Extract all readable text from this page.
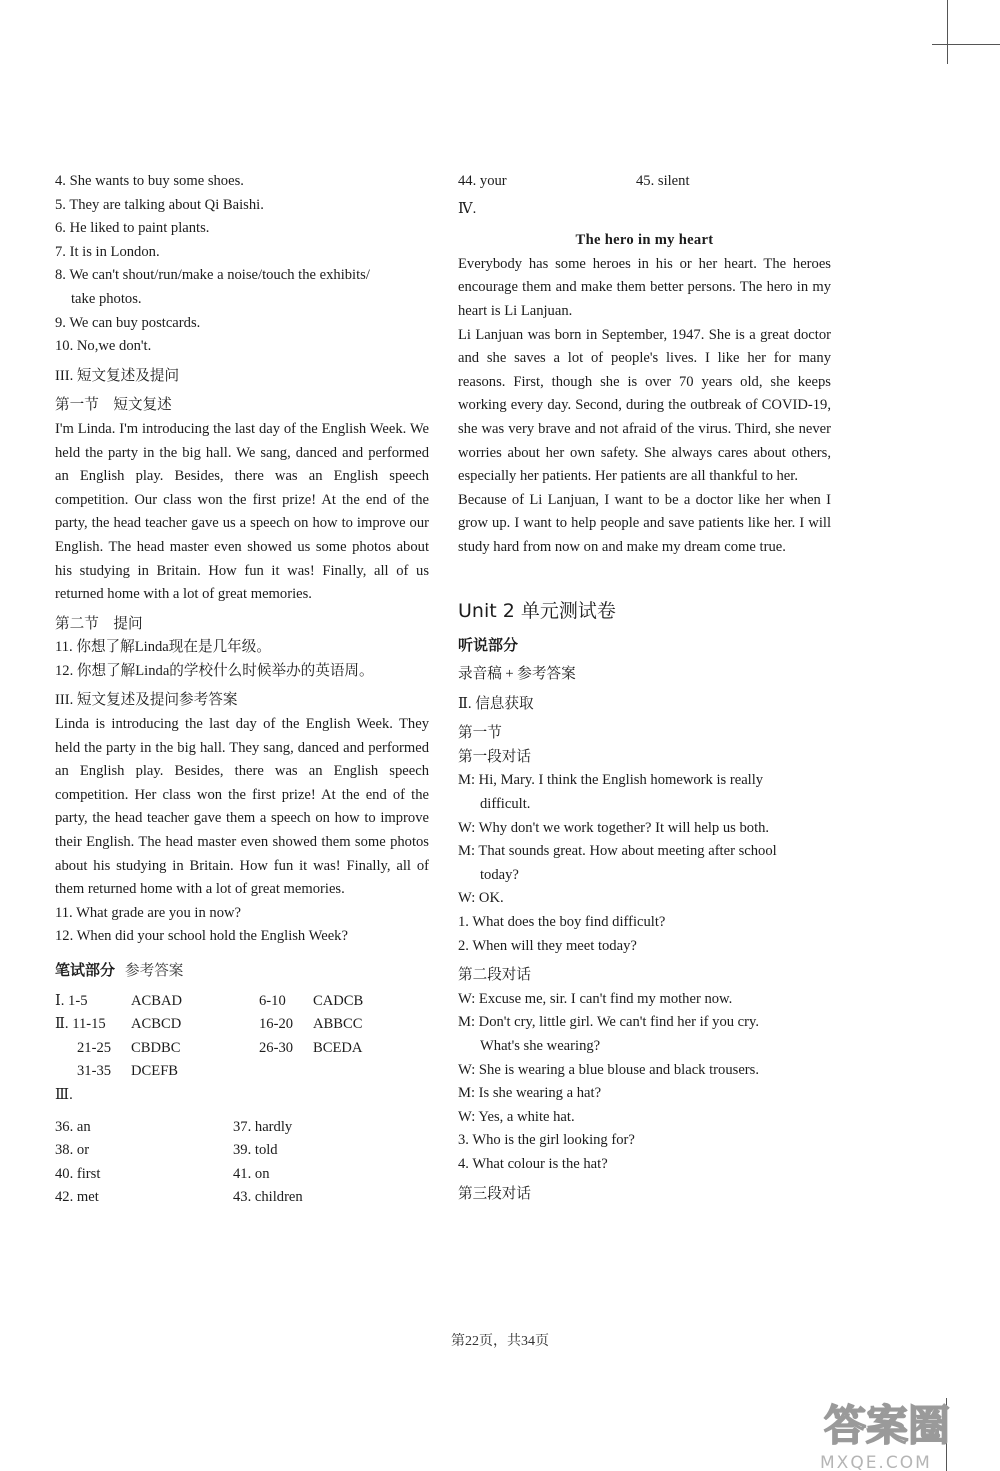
4. She wants to buy some shoes.
5. They are talking about Qi Baishi.
6. He liked to paint plants.
7. It is in London.
8. We can't shout/run/make a noise/touch the exhibits/
take photos.
9. We can buy postcards.
10. No,we don't.
III. 短文复述及提问
第一节　短文复述
I'm Linda. I'm introducing the last day of the English Week. We held the party in the big hall. We sang, danced and performed an English play. Besides, there was an English speech competition. Our class won the first prize! At the end of the party, the head teacher gave us a speech on how to improve our English. The head master even showed us some photos about his studying in Britain. How fun it was! Finally, all of us returned home with a lot of great memories.
第二节　提问
11. 你想了解Linda现在是几年级。
12. 你想了解Linda的学校什么时候举办的英语周。
III. 短文复述及提问参考答案
Linda is introducing the last day of the English Week. They held the party in the big hall. They sang, danced and performed an English play. Besides, there was an English speech competition. Her class won the first prize! At the end of the party, the head teacher gave them a speech on how to improve their English. The head master even showed them some photos about his studying in Britain. How fun it was! Finally, all of them returned home with a lot of great memories.
11. What grade are you in now?
12. When did your school hold the English Week?
笔试部分 参考答案
Ⅰ. 1-5	ACBAD	6-10	CADCB
Ⅱ. 11-15	ACBCD	16-20	ABBCC
21-25	CBDBC	26-30	BCEDA
31-35	DCEFB
Ⅲ.
36. an	37. hardly
38. or	39. told
40. first	41. on
42. met	43. children
44. your	45. silent
Ⅳ.
The hero in my heart
Everybody has some heroes in his or her heart. The heroes encourage them and make them better persons. The hero in my heart is Li Lanjuan.
Li Lanjuan was born in September, 1947. She is a great doctor and she saves a lot of people's lives. I like her for many reasons. First, though she is over 70 years old, she keeps working every day. Second, during the outbreak of COVID-19, she was very brave and not afraid of the virus. Third, she never worries about her own safety. She always cares about others, especially her patients. Her patients are all thankful to her.
Because of Li Lanjuan, I want to be a doctor like her when I grow up. I want to help people and save patients like her. I will study hard from now on and make my dream come true.
Unit 2 单元测试卷
听说部分
录音稿 + 参考答案
Ⅱ. 信息获取
第一节
第一段对话
M: Hi, Mary. I think the English homework is really
difficult.
W: Why don't we work together? It will help us both.
M: That sounds great. How about meeting after school
today?
W: OK.
1. What does the boy find difficult?
2. When will they meet today?
第二段对话
W: Excuse me, sir. I can't find my mother now.
M: Don't cry, little girl. We can't find her if you cry.
What's she wearing?
W: She is wearing a blue blouse and black trousers.
M: Is she wearing a hat?
W: Yes, a white hat.
3. Who is the girl looking for?
4. What colour is the hat?
第三段对话
第22页，共34页
答案圈
MXQE.COM
